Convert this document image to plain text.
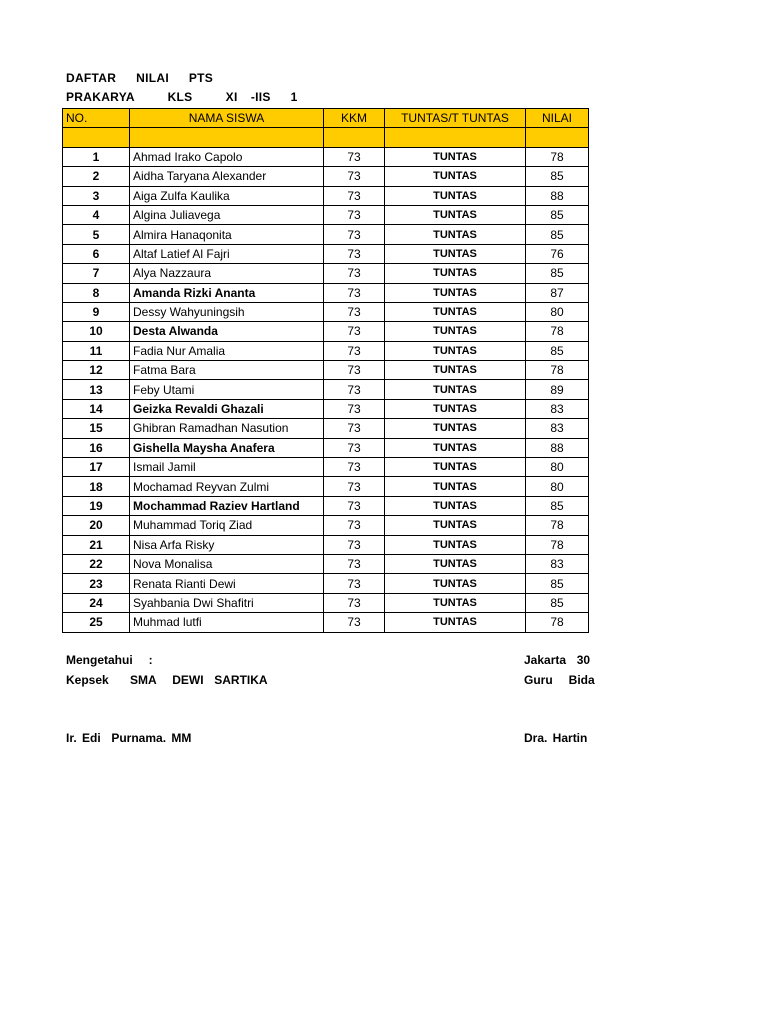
DAFTAR   NILAI   PTS
PRAKARYA     KLS     XI  -IIS   1
NO.	NAMA SISWA	KKM	TUNTAS/T TUNTAS	NILAI

1	Ahmad Irako Capolo	73	TUNTAS	78
2	Aidha Taryana Alexander	73	TUNTAS	85
3	Aiga Zulfa Kaulika	73	TUNTAS	88
4	Algina Juliavega	73	TUNTAS	85
5	Almira Hanaqonita	73	TUNTAS	85
6	Altaf Latief Al Fajri	73	TUNTAS	76
7	Alya Nazzaura	73	TUNTAS	85
8	Amanda Rizki Ananta	73	TUNTAS	87
9	Dessy Wahyuningsih	73	TUNTAS	80
10	Desta Alwanda	73	TUNTAS	78
11	Fadia Nur Amalia	73	TUNTAS	85
12	Fatma Bara	73	TUNTAS	78
13	Feby Utami	73	TUNTAS	89
14	Geizka Revaldi Ghazali	73	TUNTAS	83
15	Ghibran Ramadhan Nasution	73	TUNTAS	83
16	Gishella Maysha Anafera	73	TUNTAS	88
17	Ismail Jamil	73	TUNTAS	80
18	Mochamad Reyvan Zulmi	73	TUNTAS	80
19	Mochammad Raziev Hartland	73	TUNTAS	85
20	Muhammad Toriq Ziad	73	TUNTAS	78
21	Nisa Arfa Risky	73	TUNTAS	78
22	Nova Monalisa	73	TUNTAS	83
23	Renata Rianti Dewi	73	TUNTAS	85
24	Syahbania Dwi Shafitri	73	TUNTAS	85
25	Muhmad lutfi	73	TUNTAS	78
Mengetahui   :
Kepsek    SMA   DEWI  SARTIKA
Ir. Edi  Purnama. MM
Jakarta  30
Guru   Bida
Dra. Hartin
